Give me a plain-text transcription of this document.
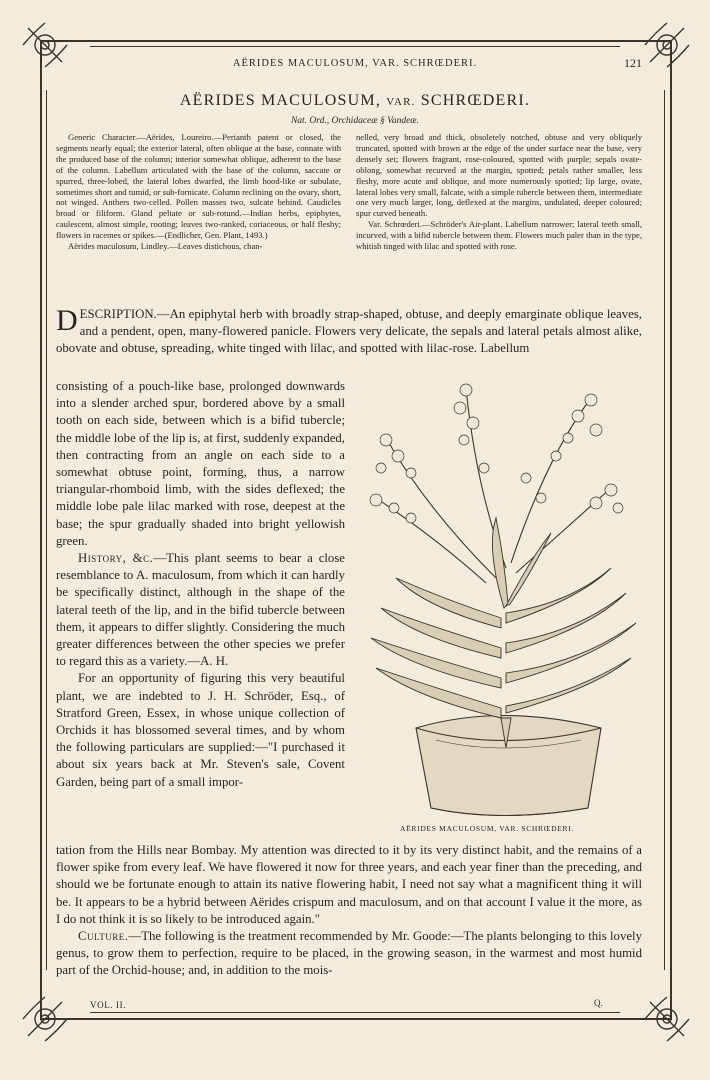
AËRIDES MACULOSUM, VAR. SCHRŒDERI.	121
AËRIDES MACULOSUM, VAR. SCHRŒDERI.
Nat. Ord., Orchidaceæ § Vandeæ.

Generic Character.—Aërides, Loureiro.—Perianth patent or closed, the segments nearly equal; the exterior lateral, often oblique at the base, connate with the produced base of the column; interior somewhat oblique, adherent to the base of the column. Labellum articulated with the base of the column, saccate or spurred, three-lobed, the lateral lobes dwarfed, the limb hood-like or subulate, sometimes short and tumid, or sub-fornicate. Column reclining on the ovary, short, not winged. Anthers two-celled. Pollen masses two, sulcate behind. Caudicles broad or filiform. Gland peltate or sub-rotund.—Indian herbs, epiphytes, caulescent, almost simple, rooting; leaves two-ranked, coriaceous, or half fleshy; flowers in racemes or spikes.—(Endlicher, Gen. Plant, 1493.)

Aërides maculosum, Lindley.—Leaves distichous, chan-

nelled, very broad and thick, obsoletely notched, obtuse and very obliquely truncated, spotted with brown at the edge of the under surface near the base, very densely set; flowers fragrant, rose-coloured, spotted with purple; sepals ovate-oblong, somewhat recurved at the margin, spotted; petals rather smaller, less fleshy, more acute and oblique, and more numerously spotted; lip large, ovate, lateral lobes very small, falcate, with a simple tubercle between them, intermediate one very much larger, long, deflexed at the margins, undulated, deeper coloured; spur curved beneath.

Var. Schrœderi.—Schröder's Air-plant. Labellum narrower; lateral teeth small, incurved, with a bifid tubercle between them. Flowers much paler than in the type, whitish tinged with lilac and spotted with rose.

DESCRIPTION.—An epiphytal herb with broadly strap-shaped, obtuse, and deeply emarginate oblique leaves, and a pendent, open, many-flowered panicle. Flowers very delicate, the sepals and lateral petals almost alike, obovate and obtuse, spreading, white tinged with lilac, and spotted with lilac-rose. Labellum

consisting of a pouch-like base, prolonged downwards into a slender arched spur, bordered above by a small tooth on each side, between which is a bifid tubercle; the middle lobe of the lip is, at first, suddenly expanded, then contracting from an angle on each side to a somewhat obtuse point, forming, thus, a narrow triangular-rhomboid limb, with the sides deflexed; the middle lobe pale lilac marked with rose, deepest at the base; the spur gradually shaded into bright yellowish green.

History, &c.—This plant seems to bear a close resemblance to A. maculosum, from which it can hardly be specifically distinct, although in the shape of the lateral teeth of the lip, and in the bifid tubercle between them, it appears to differ slightly. Considering the much greater differences between the other species we prefer to regard this as a variety.—A. H.

For an opportunity of figuring this very beautiful plant, we are indebted to J. H. Schröder, Esq., of Stratford Green, Essex, in whose unique collection of Orchids it has blossomed several times, and by whom the following particulars are supplied:—"I purchased it about six years back at Mr. Steven's sale, Covent Garden, being part of a small impor-

AËRIDES MACULOSUM, VAR. SCHRŒDERI.

tation from the Hills near Bombay. My attention was directed to it by its very distinct habit, and the remains of a flower spike from every leaf. We have flowered it now for three years, and each year finer than the preceding, and should we be fortunate enough to attain its native flowering habit, I need not say what a magnificent thing it will be. It appears to be a hybrid between Aërides crispum and maculosum, and on that account I value it the more, as I do not think it is so likely to be introduced again."

Culture.—The following is the treatment recommended by Mr. Goode:—The plants belonging to this lovely genus, to grow them to perfection, require to be placed, in the growing season, in the warmest and most humid part of the Orchid-house; and, in addition to the mois-

VOL. II.	Q.
